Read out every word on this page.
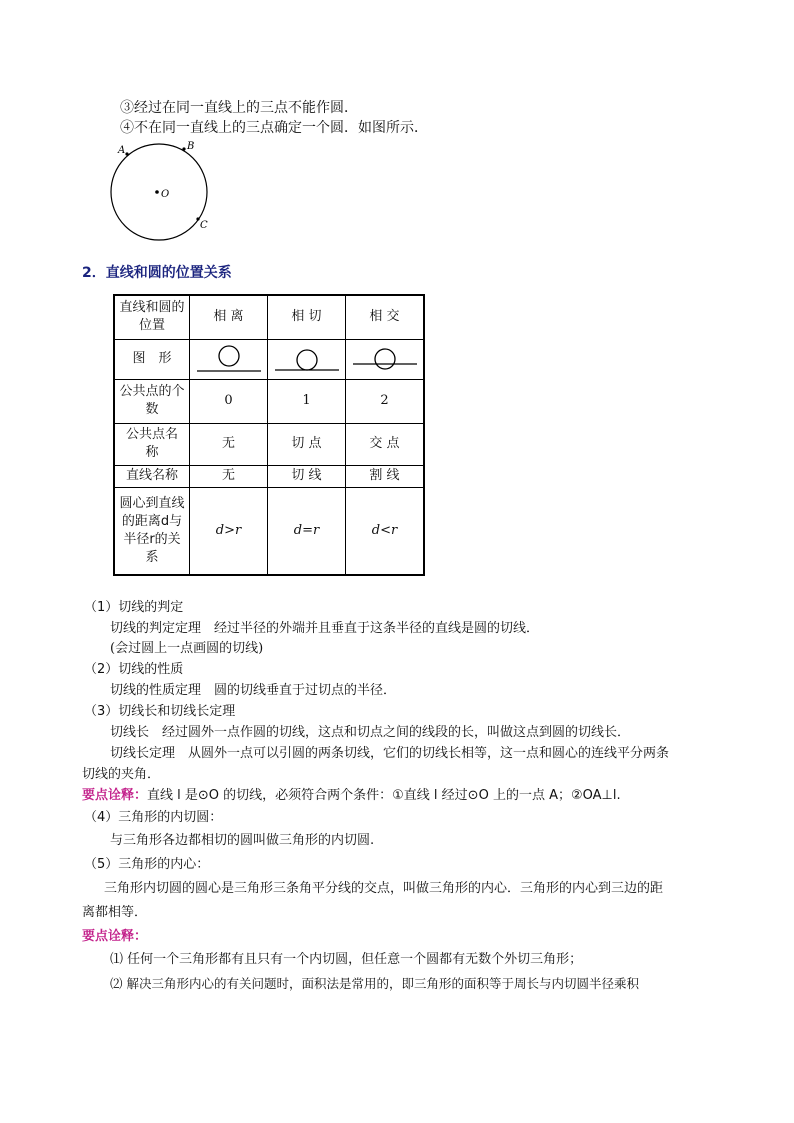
③经过在同一直线上的三点不能作圆．
④不在同一直线上的三点确定一个圆．如图所示．
A	B
O
C
2．直线和圆的位置关系
直线和圆的位置	相 离	相 切	相 交
图　形	

公共点的个数	0	1	2
公共点名称	无	切 点	交 点
直线名称	无	切 线	割 线
圆心到直线的距离d与半径r的关系	d>r	d=r	d<r
（1）切线的判定
切线的判定定理　经过半径的外端并且垂直于这条半径的直线是圆的切线．
(会过圆上一点画圆的切线)
（2）切线的性质
切线的性质定理　圆的切线垂直于过切点的半径．
（3）切线长和切线长定理
切线长　经过圆外一点作圆的切线，这点和切点之间的线段的长，叫做这点到圆的切线长．
切线长定理　从圆外一点可以引圆的两条切线，它们的切线长相等，这一点和圆心的连线平分两条
切线的夹角．
要点诠释：直线 l 是⊙O 的切线，必须符合两个条件：①直线 l 经过⊙O 上的一点 A；②OA⊥l.
（4）三角形的内切圆：
与三角形各边都相切的圆叫做三角形的内切圆.
（5）三角形的内心：
三角形内切圆的圆心是三角形三条角平分线的交点，叫做三角形的内心．三角形的内心到三边的距
离都相等．
要点诠释：
⑴ 任何一个三角形都有且只有一个内切圆，但任意一个圆都有无数个外切三角形；
⑵ 解决三角形内心的有关问题时，面积法是常用的，即三角形的面积等于周长与内切圆半径乘积
